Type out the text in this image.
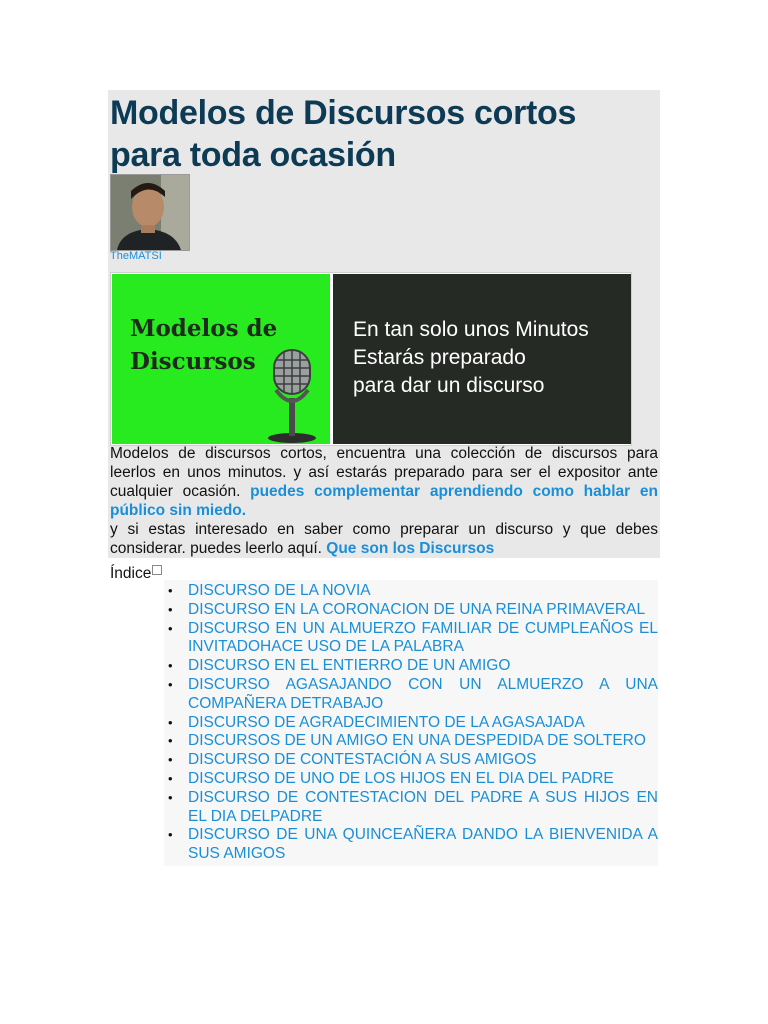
Modelos de Discursos cortos para toda ocasión
TheMATSI
Modelos de Discursos
En tan solo unos Minutos
Estarás preparado
para dar un discurso
Modelos de discursos cortos, encuentra una colección de discursos para leerlos en unos minutos. y así estarás preparado para ser el expositor ante cualquier ocasión. puedes complementar aprendiendo como hablar en público sin miedo.
y si estas interesado en saber como preparar un discurso y que debes considerar. puedes leerlo aquí. Que son los Discursos
Índice
• DISCURSO DE LA NOVIA
• DISCURSO EN LA CORONACION DE UNA REINA PRIMAVERAL
• DISCURSO EN UN ALMUERZO FAMILIAR DE CUMPLEAÑOS EL INVITADOHACE USO DE LA PALABRA
• DISCURSO EN EL ENTIERRO DE UN AMIGO
• DISCURSO AGASAJANDO CON UN ALMUERZO A UNA COMPAÑERA DETRABAJO
• DISCURSO DE AGRADECIMIENTO DE LA AGASAJADA
• DISCURSOS DE UN AMIGO EN UNA DESPEDIDA DE SOLTERO
• DISCURSO DE CONTESTACIÓN A SUS AMIGOS
• DISCURSO DE UNO DE LOS HIJOS EN EL DIA DEL PADRE
• DISCURSO DE CONTESTACION DEL PADRE A SUS HIJOS EN EL DIA DELPADRE
• DISCURSO DE UNA QUINCEAÑERA DANDO LA BIENVENIDA A SUS AMIGOS
